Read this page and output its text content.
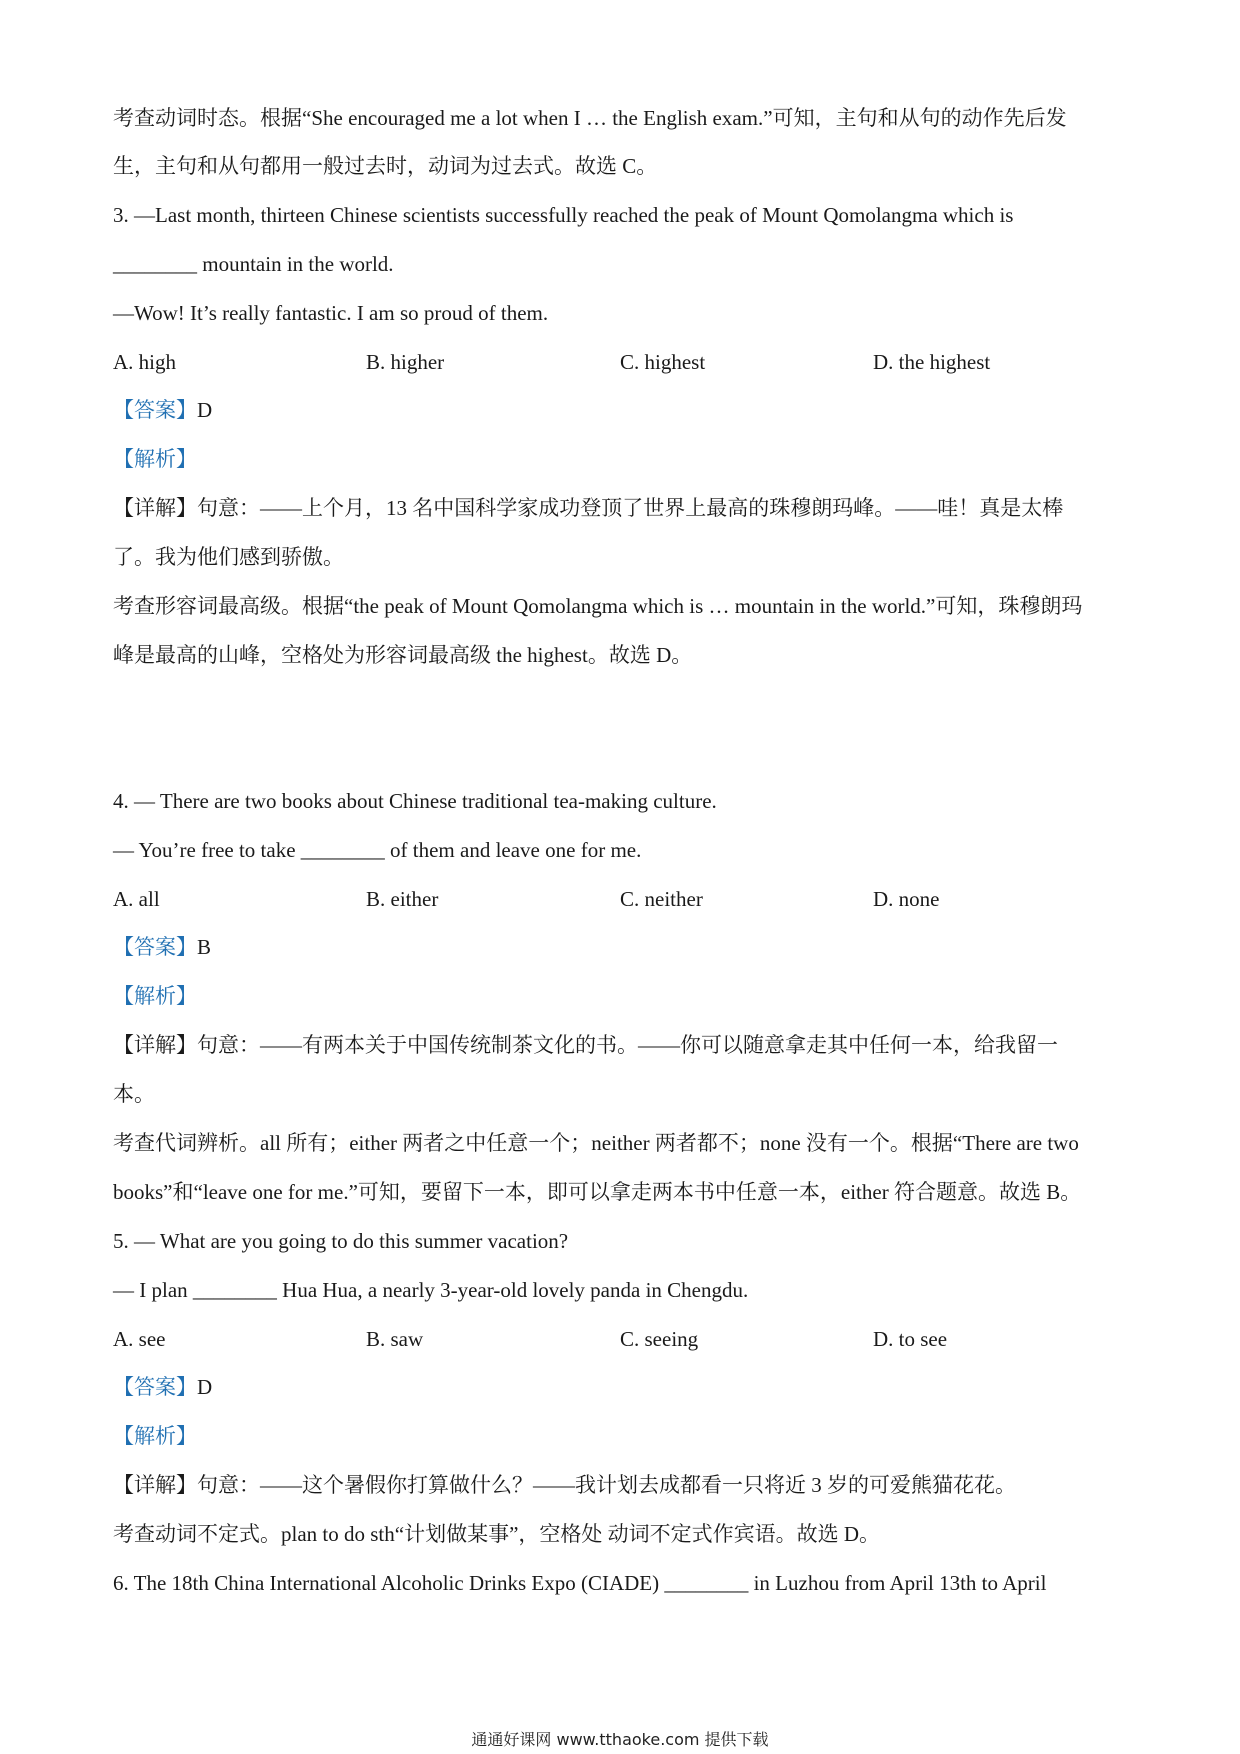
考查动词时态。根据“She encouraged me a lot when I … the English exam.”可知，主句和从句的动作先后发
生，主句和从句都用一般过去时，动词为过去式。故选 C。
3. —Last month, thirteen Chinese scientists successfully reached the peak of Mount Qomolangma which is
________ mountain in the world.
—Wow! It’s really fantastic. I am so proud of them.
A. high	B. higher	C. highest	D. the highest
【答案】D
【解析】
【详解】句意：——上个月，13 名中国科学家成功登顶了世界上最高的珠穆朗玛峰。——哇！真是太棒
了。我为他们感到骄傲。
考查形容词最高级。根据“the peak of Mount Qomolangma which is … mountain in the world.”可知，珠穆朗玛
峰是最高的山峰，空格处为形容词最高级 the highest。故选 D。
4. — There are two books about Chinese traditional tea-making culture.
— You’re free to take ________ of them and leave one for me.
A. all	B. either	C. neither	D. none
【答案】B
【解析】
【详解】句意：——有两本关于中国传统制茶文化的书。——你可以随意拿走其中任何一本，给我留一
本。
考查代词辨析。all 所有；either 两者之中任意一个；neither 两者都不；none 没有一个。根据“There are two
books”和“leave one for me.”可知，要留下一本，即可以拿走两本书中任意一本，either 符合题意。故选 B。
5. — What are you going to do this summer vacation?
— I plan ________ Hua Hua, a nearly 3-year-old lovely panda in Chengdu.
A. see	B. saw	C. seeing	D. to see
【答案】D
【解析】
【详解】句意：——这个暑假你打算做什么？——我计划去成都看一只将近 3 岁的可爱熊猫花花。
考查动词不定式。plan to do sth“计划做某事”，空格处 动词不定式作宾语。故选 D。
6. The 18th China International Alcoholic Drinks Expo (CIADE) ________ in Luzhou from April 13th to April
通通好课网 www.tthaoke.com 提供下载
